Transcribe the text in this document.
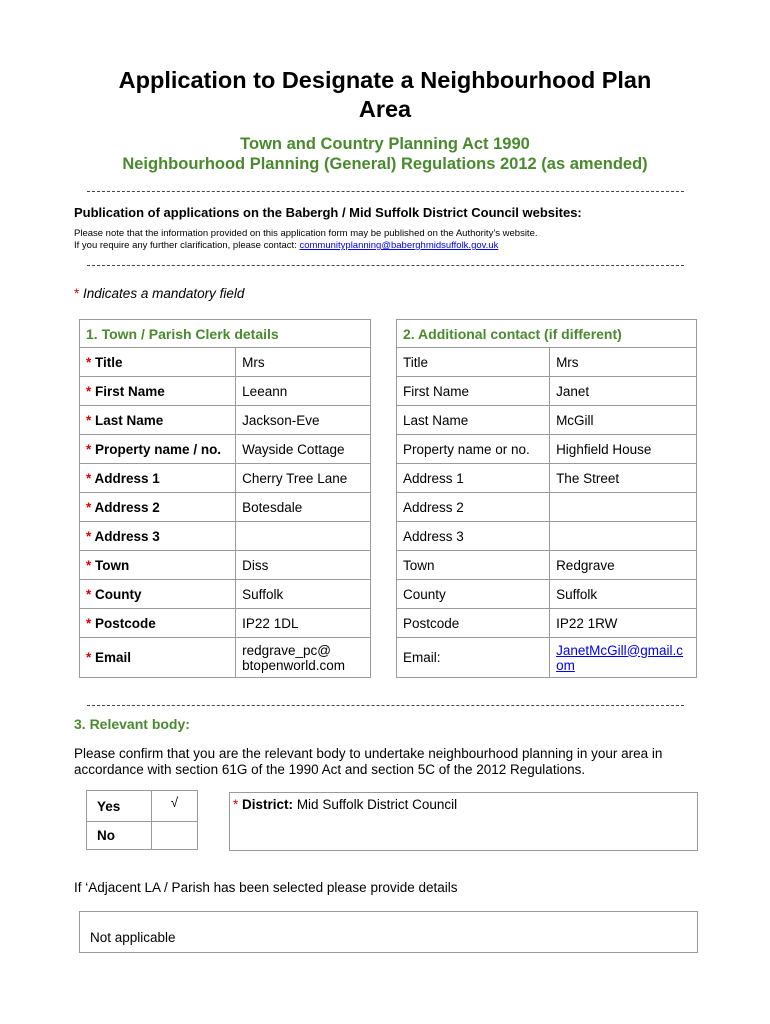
Application to Designate a Neighbourhood Plan
Area
Town and Country Planning Act 1990
Neighbourhood Planning (General) Regulations 2012 (as amended)
Publication of applications on the Babergh / Mid Suffolk District Council websites:
Please note that the information provided on this application form may be published on the Authority’s website.
If you require any further clarification, please contact: communityplanning@baberghmidsuffolk.gov.uk
* Indicates a mandatory field
1. Town / Parish Clerk details	
* Title	Mrs
* First Name	Leeann
* Last Name	Jackson-Eve
* Property name / no.	Wayside Cottage
* Address 1	Cherry Tree Lane
* Address 2	Botesdale
* Address 3	
* Town	Diss
* County	Suffolk
* Postcode	IP22 1DL
* Email	redgrave_pc@
btopenworld.com
2. Additional contact (if different)	
Title	Mrs
First Name	Janet
Last Name	McGill
Property name or no.	Highfield House
Address 1	The Street
Address 2	
Address 3	
Town	Redgrave
County	Suffolk
Postcode	IP22 1RW
Email:	JanetMcGill@gmail.c
om
3. Relevant body:
Please confirm that you are the relevant body to undertake neighbourhood planning in your area in accordance with section 61G of the 1990 Act and section 5C of the 2012 Regulations.
Yes	√
No	
* District: Mid Suffolk District Council
If ‘Adjacent LA / Parish has been selected please provide details
Not applicable
